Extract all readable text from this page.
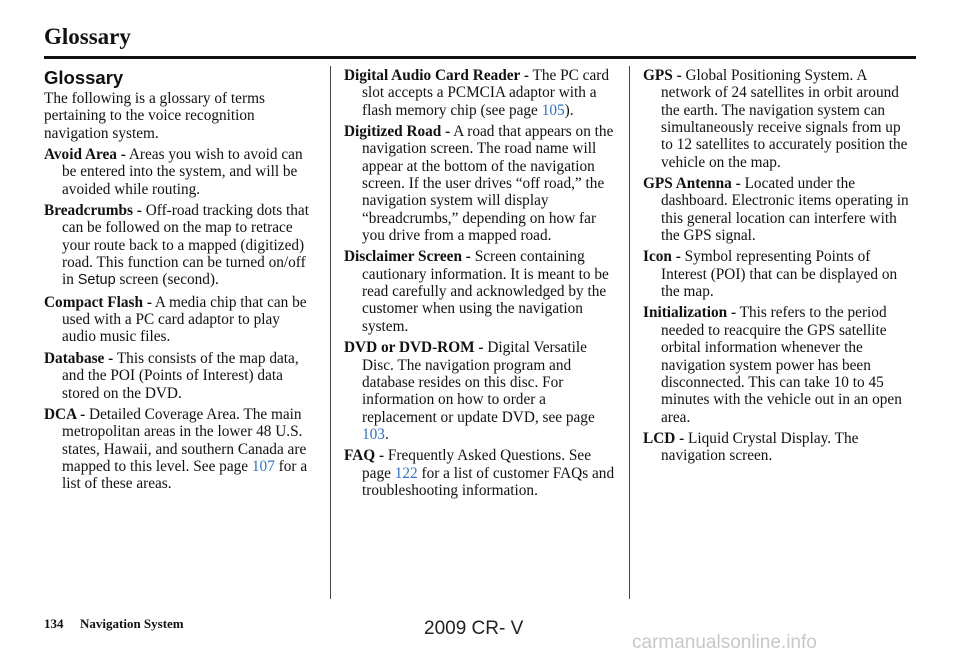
Glossary
Glossary

The following is a glossary of terms pertaining to the voice recognition navigation system.

Avoid Area - Areas you wish to avoid can be entered into the system, and will be avoided while routing.

Breadcrumbs - Off-road tracking dots that can be followed on the map to retrace your route back to a mapped (digitized) road. This function can be turned on/off in Setup screen (second).

Compact Flash - A media chip that can be used with a PC card adaptor to play audio music files.

Database - This consists of the map data, and the POI (Points of Interest) data stored on the DVD.

DCA - Detailed Coverage Area. The main metropolitan areas in the lower 48 U.S. states, Hawaii, and southern Canada are mapped to this level. See page 107 for a list of these areas.

Digital Audio Card Reader - The PC card slot accepts a PCMCIA adaptor with a flash memory chip (see page 105).

Digitized Road - A road that appears on the navigation screen. The road name will appear at the bottom of the navigation screen. If the user drives “off road,” the navigation system will display “breadcrumbs,” depending on how far you drive from a mapped road.

Disclaimer Screen - Screen containing cautionary information. It is meant to be read carefully and acknowledged by the customer when using the navigation system.

DVD or DVD-ROM - Digital Versatile Disc. The navigation program and database resides on this disc. For information on how to order a replacement or update DVD, see page 103.

FAQ - Frequently Asked Questions. See page 122 for a list of customer FAQs and troubleshooting information.

GPS - Global Positioning System. A network of 24 satellites in orbit around the earth. The navigation system can simultaneously receive signals from up to 12 satellites to accurately position the vehicle on the map.

GPS Antenna - Located under the dashboard. Electronic items operating in this general location can interfere with the GPS signal.

Icon - Symbol representing Points of Interest (POI) that can be displayed on the map.

Initialization - This refers to the period needed to reacquire the GPS satellite orbital information whenever the navigation system power has been disconnected. This can take 10 to 45 minutes with the vehicle out in an open area.

LCD - Liquid Crystal Display. The navigation screen.

134 Navigation System	2009 CR- V
carmanualsonline.info
